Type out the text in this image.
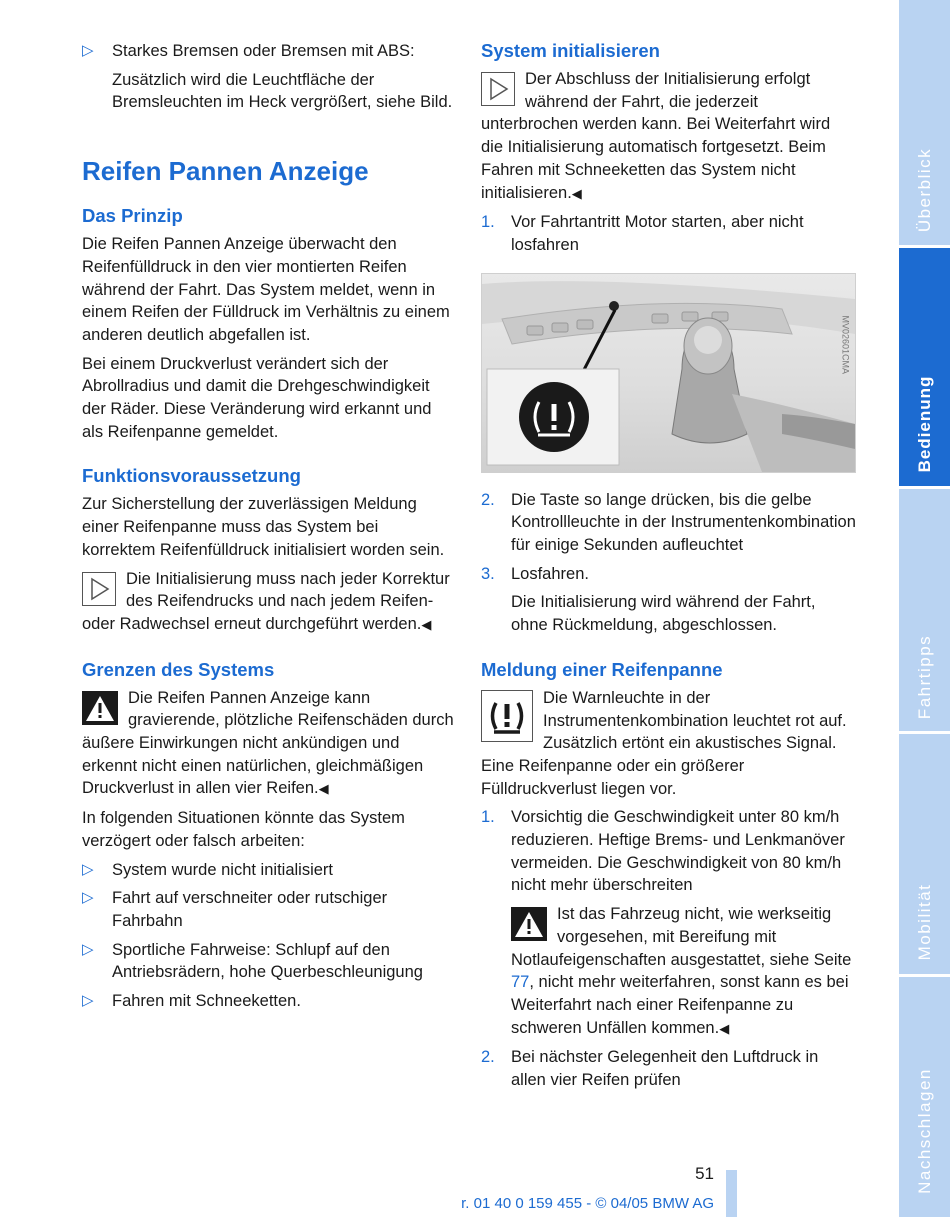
▷ Starkes Bremsen oder Bremsen mit ABS:

Zusätzlich wird die Leuchtfläche der Bremsleuchten im Heck vergrößert, siehe Bild.

Reifen Pannen Anzeige
Das Prinzip

Die Reifen Pannen Anzeige überwacht den Reifenfülldruck in den vier montierten Reifen während der Fahrt. Das System meldet, wenn in einem Reifen der Fülldruck im Verhältnis zu einem anderen deutlich abgefallen ist.

Bei einem Druckverlust verändert sich der Abrollradius und damit die Drehgeschwindigkeit der Räder. Diese Veränderung wird erkannt und als Reifenpanne gemeldet.

Funktionsvoraussetzung

Zur Sicherstellung der zuverlässigen Meldung einer Reifenpanne muss das System bei korrektem Reifenfülldruck initialisiert worden sein.

Die Initialisierung muss nach jeder Korrektur des Reifendrucks und nach jedem Reifen- oder Radwechsel erneut durchgeführt werden.◀
Grenzen des Systems
Die Reifen Pannen Anzeige kann gravierende, plötzliche Reifenschäden durch äußere Einwirkungen nicht ankündigen und erkennt nicht einen natürlichen, gleichmäßigen Druckverlust in allen vier Reifen.◀

In folgenden Situationen könnte das System verzögert oder falsch arbeiten:

▷ System wurde nicht initialisiert
▷ Fahrt auf verschneiter oder rutschiger Fahrbahn
▷ Sportliche Fahrweise: Schlupf auf den Antriebsrädern, hohe Querbeschleunigung
▷ Fahren mit Schneeketten.
System initialisieren
Der Abschluss der Initialisierung erfolgt während der Fahrt, die jederzeit unterbrochen werden kann. Bei Weiterfahrt wird die Initialisierung automatisch fortgesetzt. Beim Fahren mit Schneeketten das System nicht initialisieren.◀
1. Vor Fahrtantritt Motor starten, aber nicht losfahren
MV02601CMA
2. Die Taste so lange drücken, bis die gelbe Kontrollleuchte in der Instrumentenkombination für einige Sekunden aufleuchtet
3. Losfahren.

Die Initialisierung wird während der Fahrt, ohne Rückmeldung, abgeschlossen.

Meldung einer Reifenpanne
Die Warnleuchte in der Instrumentenkombination leuchtet rot auf. Zusätzlich ertönt ein akustisches Signal. Eine Reifenpanne oder ein größerer Fülldruckverlust liegen vor.
1. Vorsichtig die Geschwindigkeit unter 80 km/h reduzieren. Heftige Brems- und Lenkmanöver vermeiden. Die Geschwindigkeit von 80 km/h nicht mehr überschreiten
Ist das Fahrzeug nicht, wie werkseitig vorgesehen, mit Bereifung mit Notlaufeigenschaften ausgestattet, siehe Seite 77, nicht mehr weiterfahren, sonst kann es bei Weiterfahrt nach einer Reifenpanne zu schweren Unfällen kommen.◀
2. Bei nächster Gelegenheit den Luftdruck in allen vier Reifen prüfen
Überblick
Bedienung
Fahrtipps
Mobilität
Nachschlagen
51
r. 01 40 0 159 455 - © 04/05 BMW AG
